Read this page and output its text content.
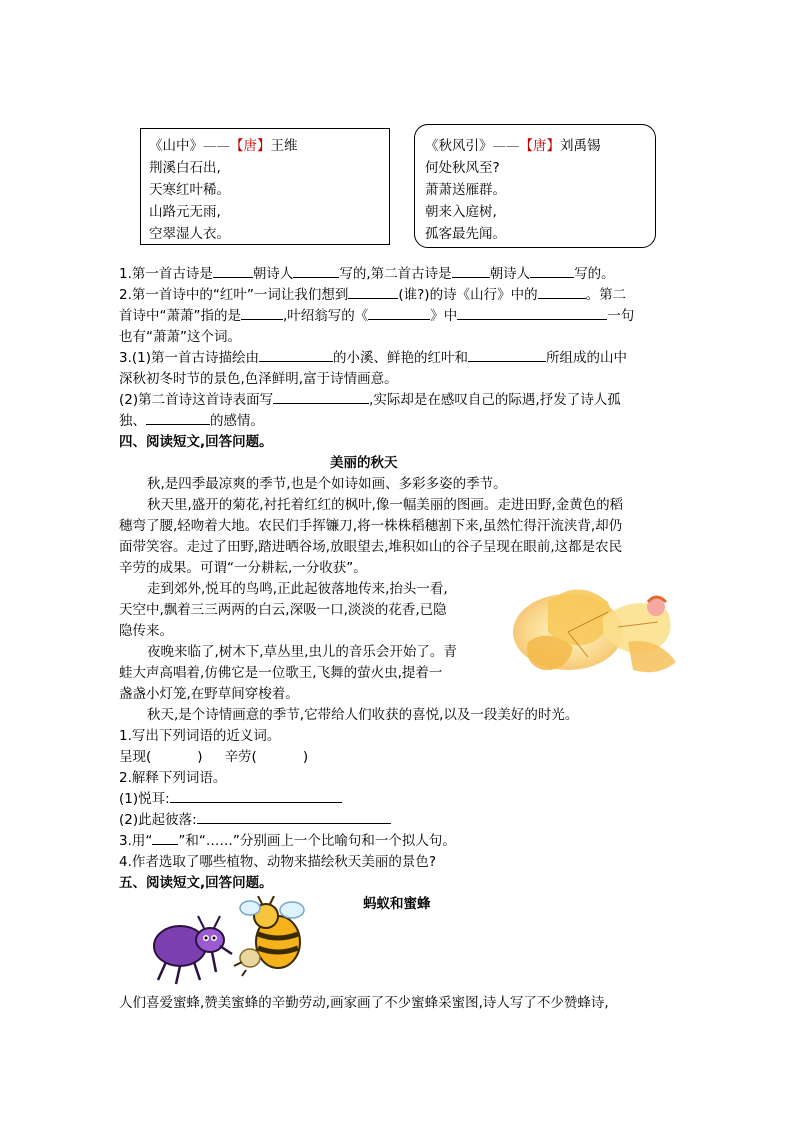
《山中》——【唐】王维
荆溪白石出,
天寒红叶稀。
山路元无雨,
空翠湿人衣。
《秋风引》——【唐】刘禹锡
何处秋风至?
萧萧送雁群。
朝来入庭树,
孤客最先闻。
1.第一首古诗是	朝诗人	写的,第二首古诗是	朝诗人	写的。
2.第一首诗中的“红叶”一词让我们想到	(谁?)的诗《山行》中的	。第二
首诗中“萧萧”指的是	,叶绍翁写的《	》中	一句
也有“萧萧”这个词。
3.(1)第一首古诗描绘由	的小溪、鲜艳的红叶和	所组成的山中
深秋初冬时节的景色,色泽鲜明,富于诗情画意。
(2)第二首诗这首诗表面写	,实际却是在感叹自己的际遇,抒发了诗人孤
独、	的感情。
四、阅读短文,回答问题。
美丽的秋天
秋,是四季最凉爽的季节,也是个如诗如画、多彩多姿的季节。
秋天里,盛开的菊花,衬托着红红的枫叶,像一幅美丽的图画。走进田野,金黄色的稻
穗弯了腰,轻吻着大地。农民们手挥镰刀,将一株株稻穗割下来,虽然忙得汗流浃背,却仍
面带笑容。走过了田野,踏进晒谷场,放眼望去,堆积如山的谷子呈现在眼前,这都是农民
辛劳的成果。可谓“一分耕耘,一分收获”。
走到郊外,悦耳的鸟鸣,正此起彼落地传来,抬头一看,
天空中,飘着三三两两的白云,深吸一口,淡淡的花香,已隐
隐传来。
夜晚来临了,树木下,草丛里,虫儿的音乐会开始了。青
蛙大声高唱着,仿佛它是一位歌王,飞舞的萤火虫,提着一
盏盏小灯笼,在野草间穿梭着。
秋天,是个诗情画意的季节,它带给人们收获的喜悦,以及一段美好的时光。
1.写出下列词语的近义词。
呈现(	) 辛劳(	)
2.解释下列词语。
(1)悦耳:
(2)此起彼落:
3.用“ ”和“……”分别画上一个比喻句和一个拟人句。
4.作者选取了哪些植物、动物来描绘秋天美丽的景色?
五、阅读短文,回答问题。
蚂蚁和蜜蜂
人们喜爱蜜蜂,赞美蜜蜂的辛勤劳动,画家画了不少蜜蜂采蜜图,诗人写了不少赞蜂诗,
